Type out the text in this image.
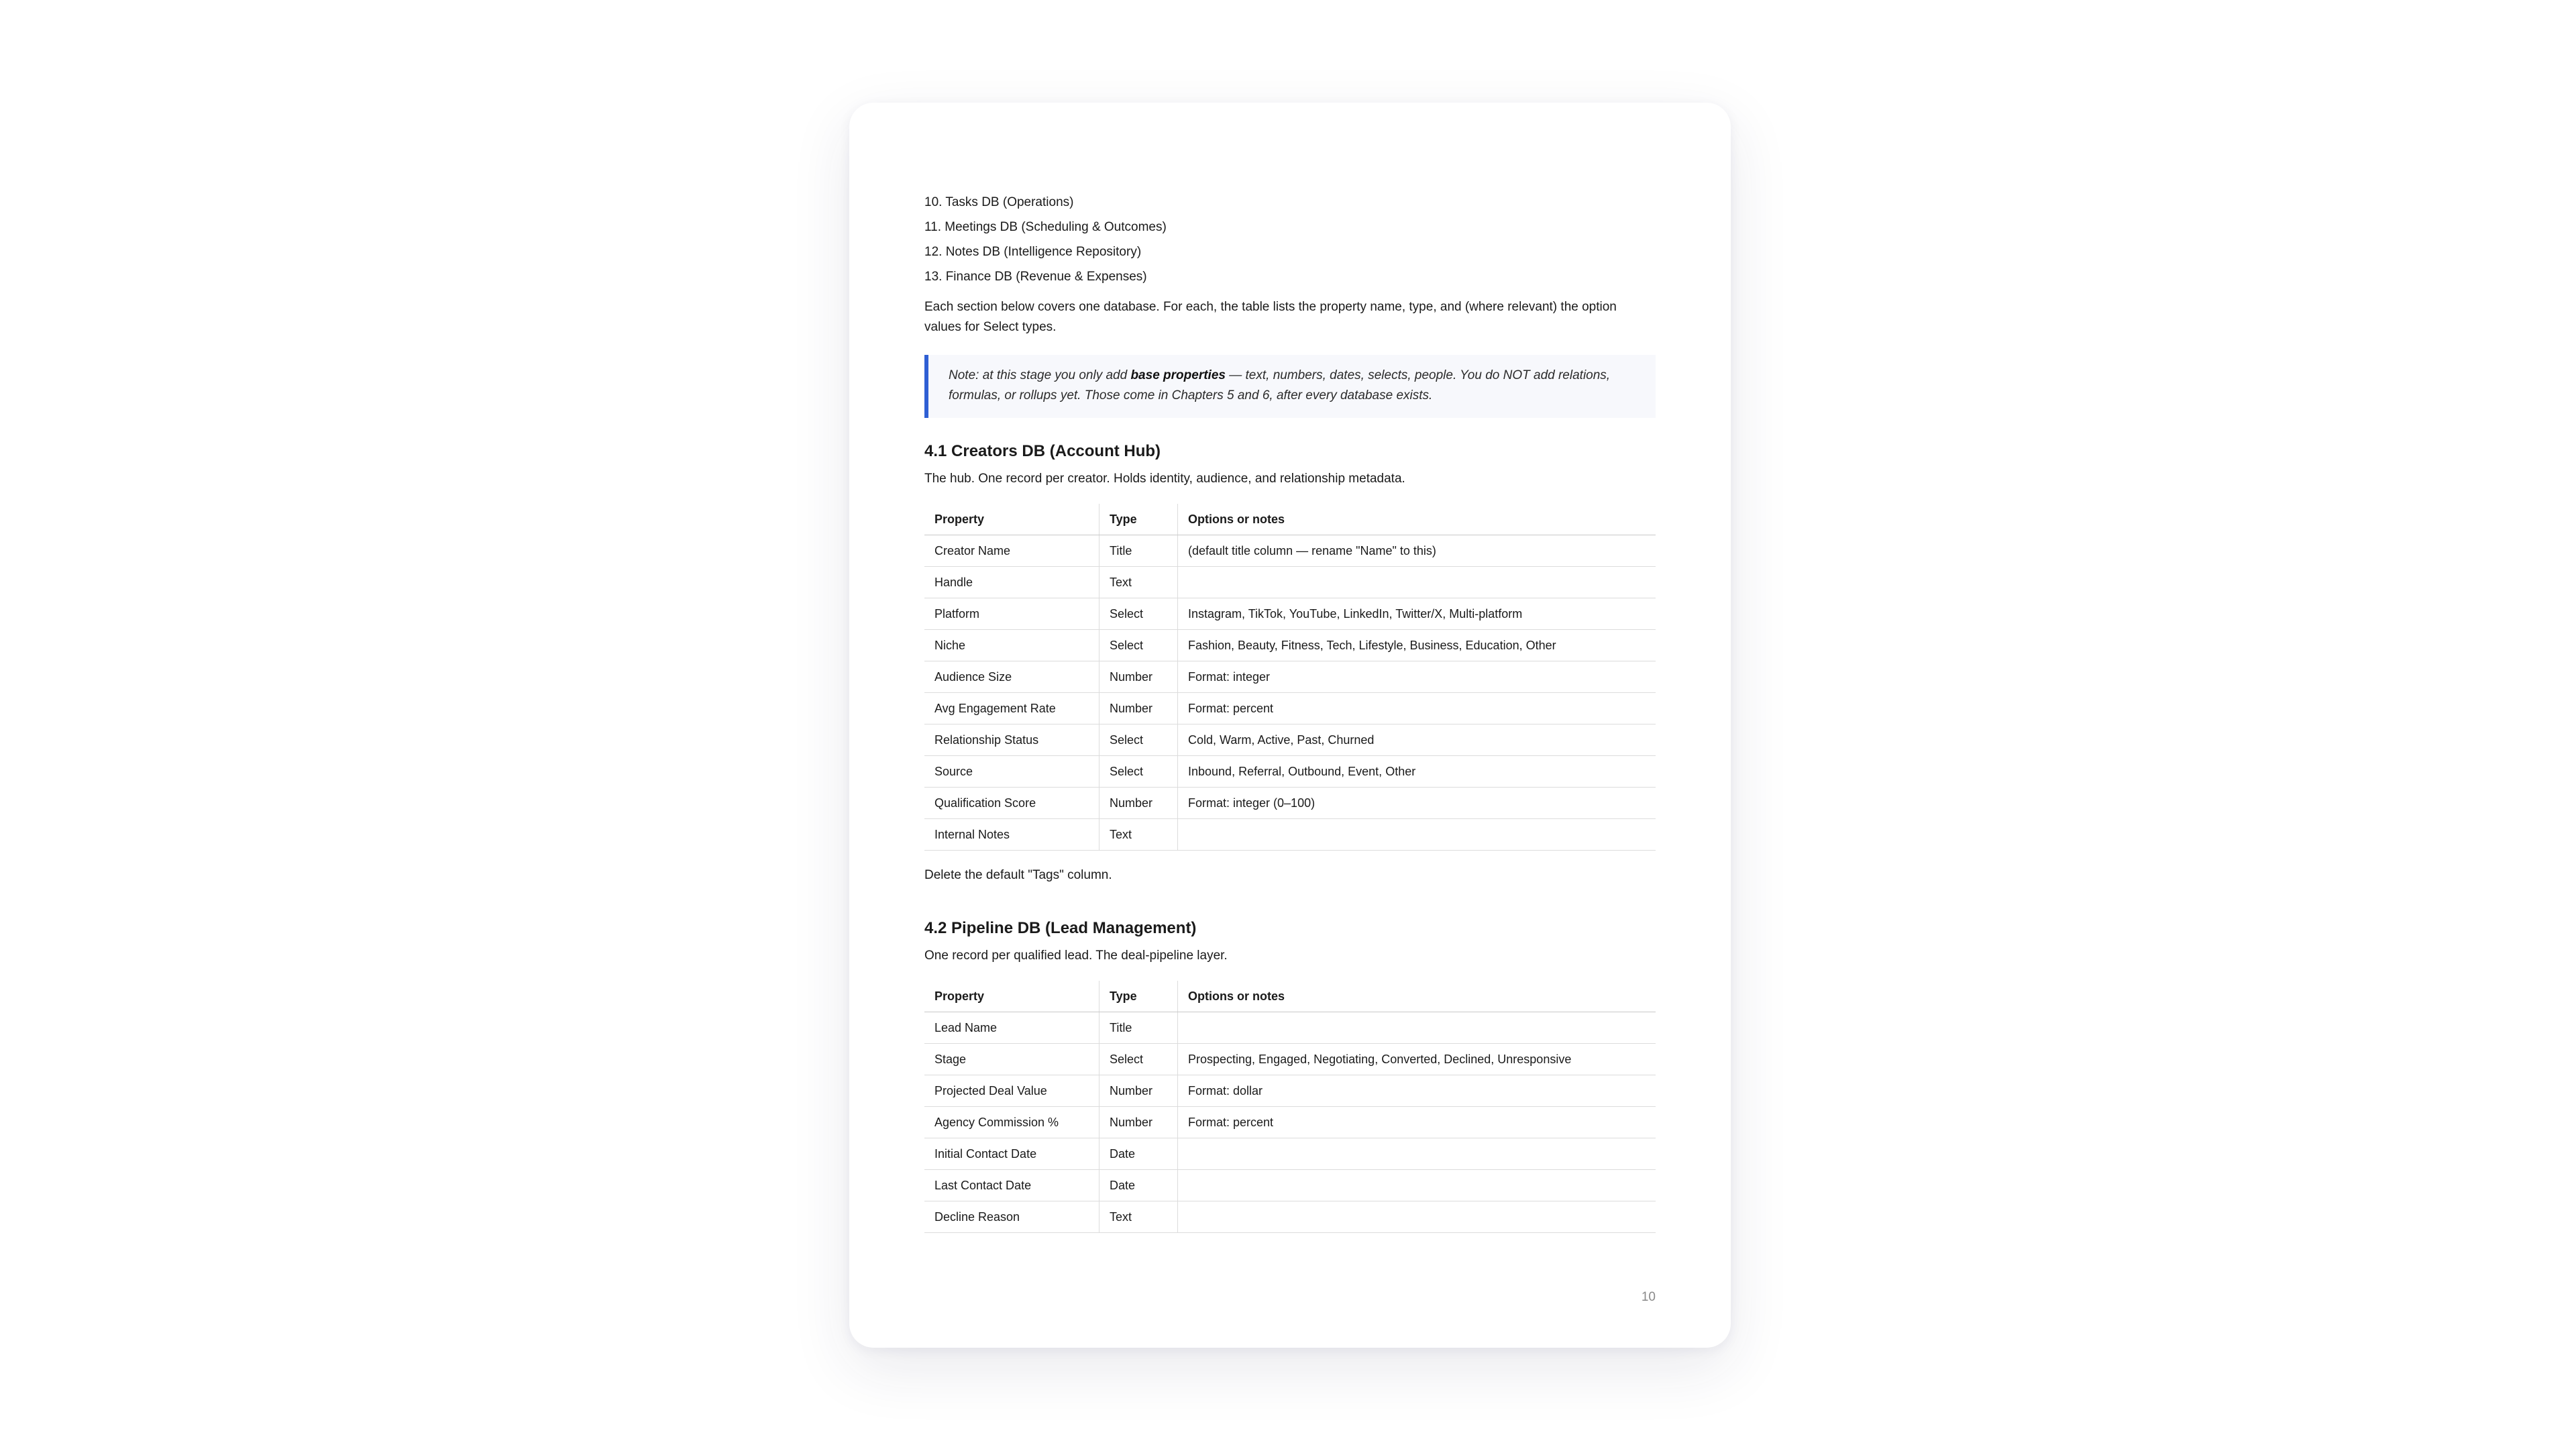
10. Tasks DB (Operations)

11. Meetings DB (Scheduling & Outcomes)

12. Notes DB (Intelligence Repository)

13. Finance DB (Revenue & Expenses)

Each section below covers one database. For each, the table lists the property name, type, and (where relevant) the option values for Select types.

Note: at this stage you only add base properties — text, numbers, dates, selects, people. You do NOT add relations, formulas, or rollups yet. Those come in Chapters 5 and 6, after every database exists.
4.1 Creators DB (Account Hub)

The hub. One record per creator. Holds identity, audience, and relationship metadata.

Property	Type	Options or notes
Creator Name	Title	(default title column — rename "Name" to this)
Handle	Text	
Platform	Select	Instagram, TikTok, YouTube, LinkedIn, Twitter/X, Multi-platform
Niche	Select	Fashion, Beauty, Fitness, Tech, Lifestyle, Business, Education, Other
Audience Size	Number	Format: integer
Avg Engagement Rate	Number	Format: percent
Relationship Status	Select	Cold, Warm, Active, Past, Churned
Source	Select	Inbound, Referral, Outbound, Event, Other
Qualification Score	Number	Format: integer (0–100)
Internal Notes	Text	

Delete the default "Tags" column.

4.2 Pipeline DB (Lead Management)

One record per qualified lead. The deal-pipeline layer.

Property	Type	Options or notes
Lead Name	Title	
Stage	Select	Prospecting, Engaged, Negotiating, Converted, Declined, Unresponsive
Projected Deal Value	Number	Format: dollar
Agency Commission %	Number	Format: percent
Initial Contact Date	Date	
Last Contact Date	Date	
Decline Reason	Text	
10
